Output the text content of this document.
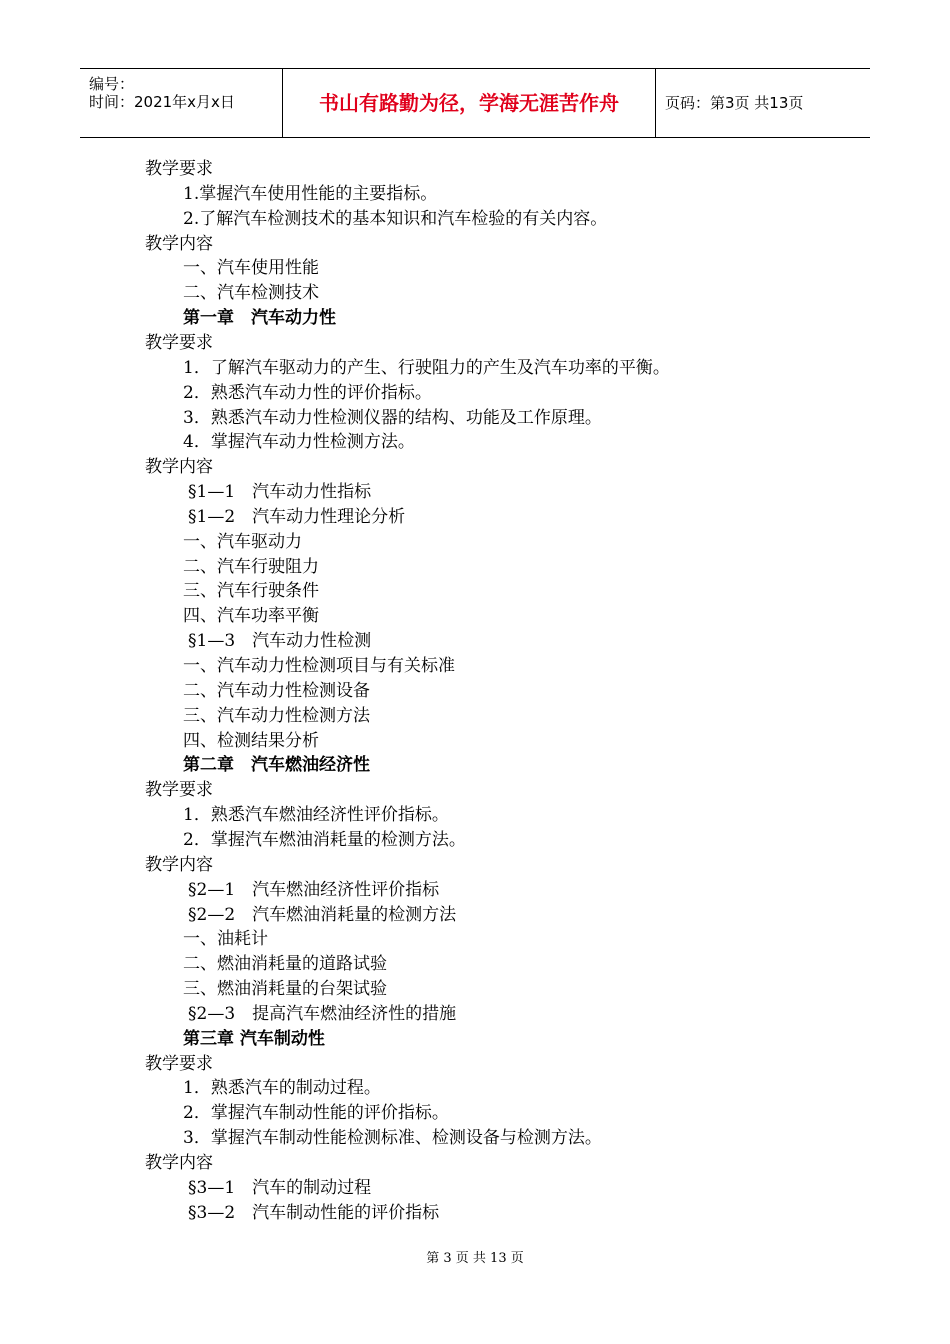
编号：
时间：2021年x月x日	书山有路勤为径，学海无涯苦作舟	页码：第3页 共13页
教学要求
1.掌握汽车使用性能的主要指标。
2.了解汽车检测技术的基本知识和汽车检验的有关内容。
教学内容
一、汽车使用性能
二、汽车检测技术
第一章　汽车动力性
教学要求
1．了解汽车驱动力的产生、行驶阻力的产生及汽车功率的平衡。
2．熟悉汽车动力性的评价指标。
3．熟悉汽车动力性检测仪器的结构、功能及工作原理。
4．掌握汽车动力性检测方法。
教学内容
§1—1　汽车动力性指标
§1—2　汽车动力性理论分析
一、汽车驱动力
二、汽车行驶阻力
三、汽车行驶条件
四、汽车功率平衡
§1—3　汽车动力性检测
一、汽车动力性检测项目与有关标准
二、汽车动力性检测设备
三、汽车动力性检测方法
四、检测结果分析
第二章　汽车燃油经济性
教学要求
1．熟悉汽车燃油经济性评价指标。
2．掌握汽车燃油消耗量的检测方法。
教学内容
§2—1　汽车燃油经济性评价指标
§2—2　汽车燃油消耗量的检测方法
一、油耗计
二、燃油消耗量的道路试验
三、燃油消耗量的台架试验
§2—3　提高汽车燃油经济性的措施
第三章 汽车制动性
教学要求
1．熟悉汽车的制动过程。
2．掌握汽车制动性能的评价指标。
3．掌握汽车制动性能检测标准、检测设备与检测方法。
教学内容
§3—1　汽车的制动过程
§3—2　汽车制动性能的评价指标
第 3 页 共 13 页
